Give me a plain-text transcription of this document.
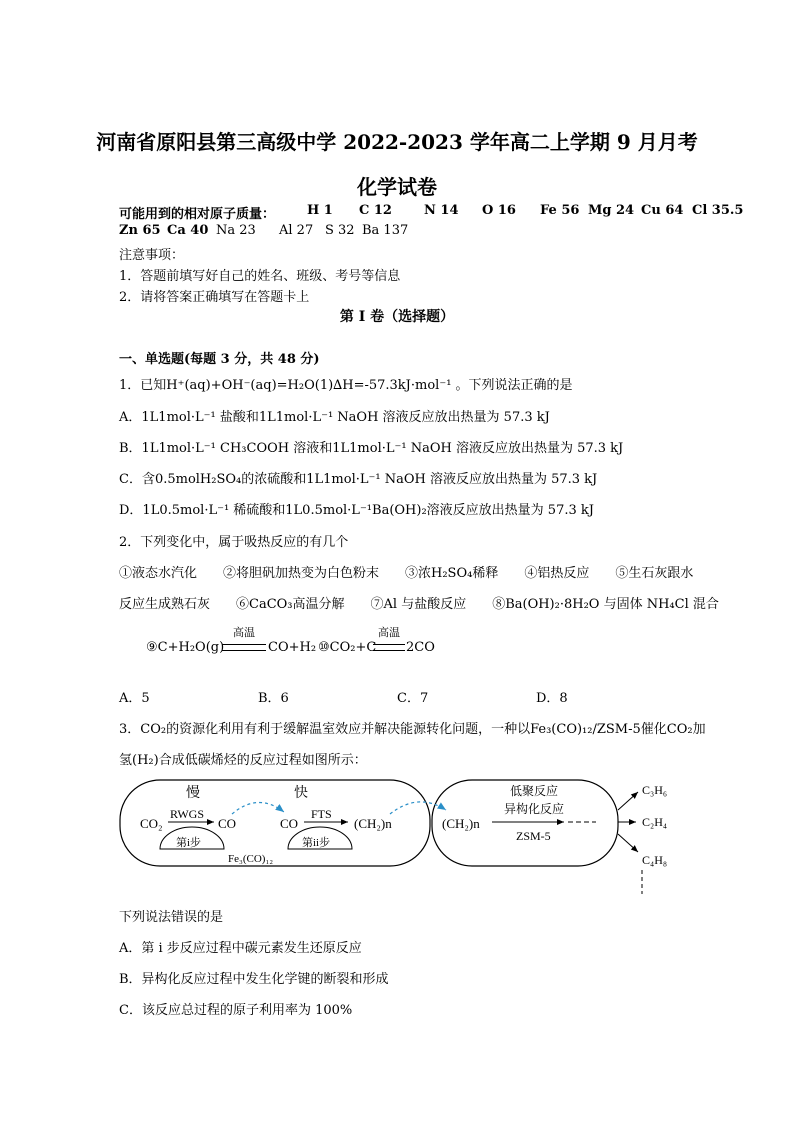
河南省原阳县第三高级中学 2022-2023 学年高二上学期 9 月月考
化学试卷
可能用到的相对原子质量： H 1 C 12 N 14 O 16 Fe 56 Mg 24 Cu 64 Cl 35.5
Zn 65 Ca 40 Na 23 Al 27 S 32 Ba 137
注意事项：
1．答题前填写好自己的姓名、班级、考号等信息
2．请将答案正确填写在答题卡上
第 I 卷（选择题）
一、单选题(每题 3 分，共 48 分)
1．已知H⁺(aq)+OH⁻(aq)=H₂O(1)∆H=-57.3kJ·mol⁻¹ 。下列说法正确的是
A．1L1mol·L⁻¹ 盐酸和1L1mol·L⁻¹ NaOH 溶液反应放出热量为 57.3 kJ
B．1L1mol·L⁻¹ CH₃COOH 溶液和1L1mol·L⁻¹ NaOH 溶液反应放出热量为 57.3 kJ
C．含0.5molH₂SO₄的浓硫酸和1L1mol·L⁻¹ NaOH 溶液反应放出热量为 57.3 kJ
D．1L0.5mol·L⁻¹ 稀硫酸和1L0.5mol·L⁻¹Ba(OH)₂溶液反应放出热量为 57.3 kJ
2．下列变化中，属于吸热反应的有几个
①液态水汽化　　②将胆矾加热变为白色粉末　　③浓H₂SO₄稀释　　④铝热反应　　⑤生石灰跟水
反应生成熟石灰　　⑥CaCO₃高温分解　　⑦Al 与盐酸反应　　⑧Ba(OH)₂·8H₂O 与固体 NH₄Cl 混合
⑨C+H₂O(g)
高温
CO+H₂ ⑩CO₂+C
高温
2CO
A．5	B．6	C．7	D．8
3．CO₂的资源化利用有利于缓解温室效应并解决能源转化问题，一种以Fe₃(CO)₁₂/ZSM-5催化CO₂加
氢(H₂)合成低碳烯烃的反应过程如图所示：
慢	快
CO₂
RWGS
CO	CO
FTS
(CH₂)n
第i步	第ii步
Fe₃(CO)₁₂
(CH₂)n
低聚反应
异构化反应
ZSM-5
C₃H₆
C₂H₄
C₄H₈
下列说法错误的是
A．第 i 步反应过程中碳元素发生还原反应
B．异构化反应过程中发生化学键的断裂和形成
C．该反应总过程的原子利用率为 100%
